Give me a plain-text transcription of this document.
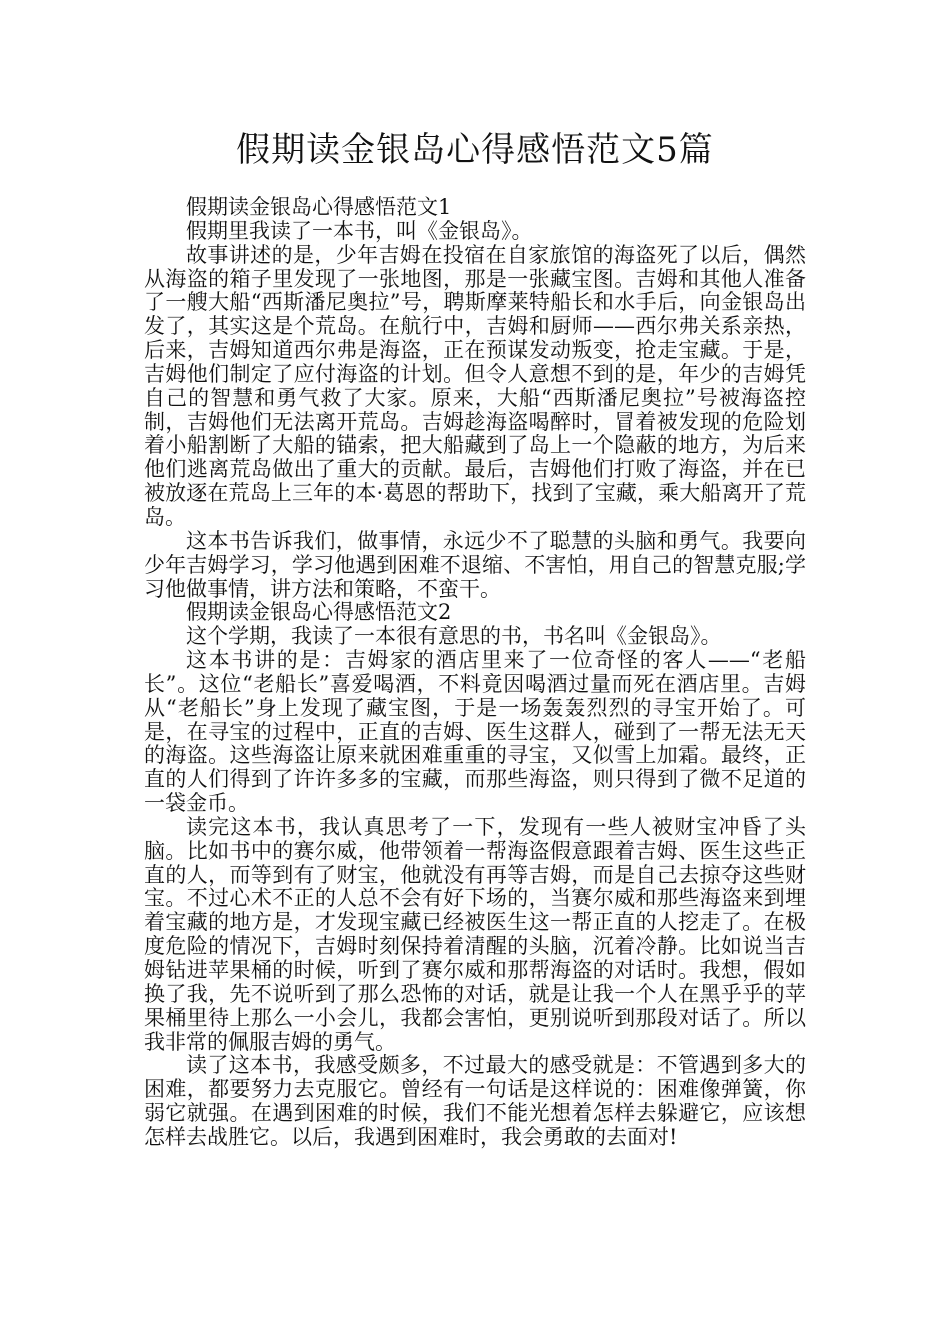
假期读金银岛心得感悟范文5篇

假期读金银岛心得感悟范文1

假期里我读了一本书，叫《金银岛》。

故事讲述的是，少年吉姆在投宿在自家旅馆的海盗死了以后，偶然从海盗的箱子里发现了一张地图，那是一张藏宝图。吉姆和其他人准备了一艘大船“西斯潘尼奥拉”号，聘斯摩莱特船长和水手后，向金银岛出发了，其实这是个荒岛。在航行中，吉姆和厨师——西尔弗关系亲热，后来，吉姆知道西尔弗是海盗，正在预谋发动叛变，抢走宝藏。于是，吉姆他们制定了应付海盗的计划。但令人意想不到的是，年少的吉姆凭自己的智慧和勇气救了大家。原来，大船“西斯潘尼奥拉”号被海盗控制，吉姆他们无法离开荒岛。吉姆趁海盗喝醉时，冒着被发现的危险划着小船割断了大船的锚索，把大船藏到了岛上一个隐蔽的地方，为后来他们逃离荒岛做出了重大的贡献。最后，吉姆他们打败了海盗，并在已被放逐在荒岛上三年的本·葛恩的帮助下，找到了宝藏，乘大船离开了荒岛。

这本书告诉我们，做事情，永远少不了聪慧的头脑和勇气。我要向少年吉姆学习，学习他遇到困难不退缩、不害怕，用自己的智慧克服;学习他做事情，讲方法和策略，不蛮干。

假期读金银岛心得感悟范文2

这个学期，我读了一本很有意思的书，书名叫《金银岛》。

这本书讲的是：吉姆家的酒店里来了一位奇怪的客人——“老船长”。这位“老船长”喜爱喝酒，不料竟因喝酒过量而死在酒店里。吉姆从“老船长”身上发现了藏宝图，于是一场轰轰烈烈的寻宝开始了。可是，在寻宝的过程中，正直的吉姆、医生这群人，碰到了一帮无法无天的海盗。这些海盗让原来就困难重重的寻宝，又似雪上加霜。最终，正直的人们得到了许许多多的宝藏，而那些海盗，则只得到了微不足道的一袋金币。

读完这本书，我认真思考了一下，发现有一些人被财宝冲昏了头脑。比如书中的赛尔威，他带领着一帮海盗假意跟着吉姆、医生这些正直的人，而等到有了财宝，他就没有再等吉姆，而是自己去掠夺这些财宝。不过心术不正的人总不会有好下场的，当赛尔威和那些海盗来到埋着宝藏的地方是，才发现宝藏已经被医生这一帮正直的人挖走了。在极度危险的情况下，吉姆时刻保持着清醒的头脑，沉着冷静。比如说当吉姆钻进苹果桶的时候，听到了赛尔威和那帮海盗的对话时。我想，假如换了我，先不说听到了那么恐怖的对话，就是让我一个人在黑乎乎的苹果桶里待上那么一小会儿，我都会害怕，更别说听到那段对话了。所以我非常的佩服吉姆的勇气。

读了这本书，我感受颇多，不过最大的感受就是：不管遇到多大的困难，都要努力去克服它。曾经有一句话是这样说的：困难像弹簧，你弱它就强。在遇到困难的时候，我们不能光想着怎样去躲避它，应该想怎样去战胜它。以后，我遇到困难时，我会勇敢的去面对!
